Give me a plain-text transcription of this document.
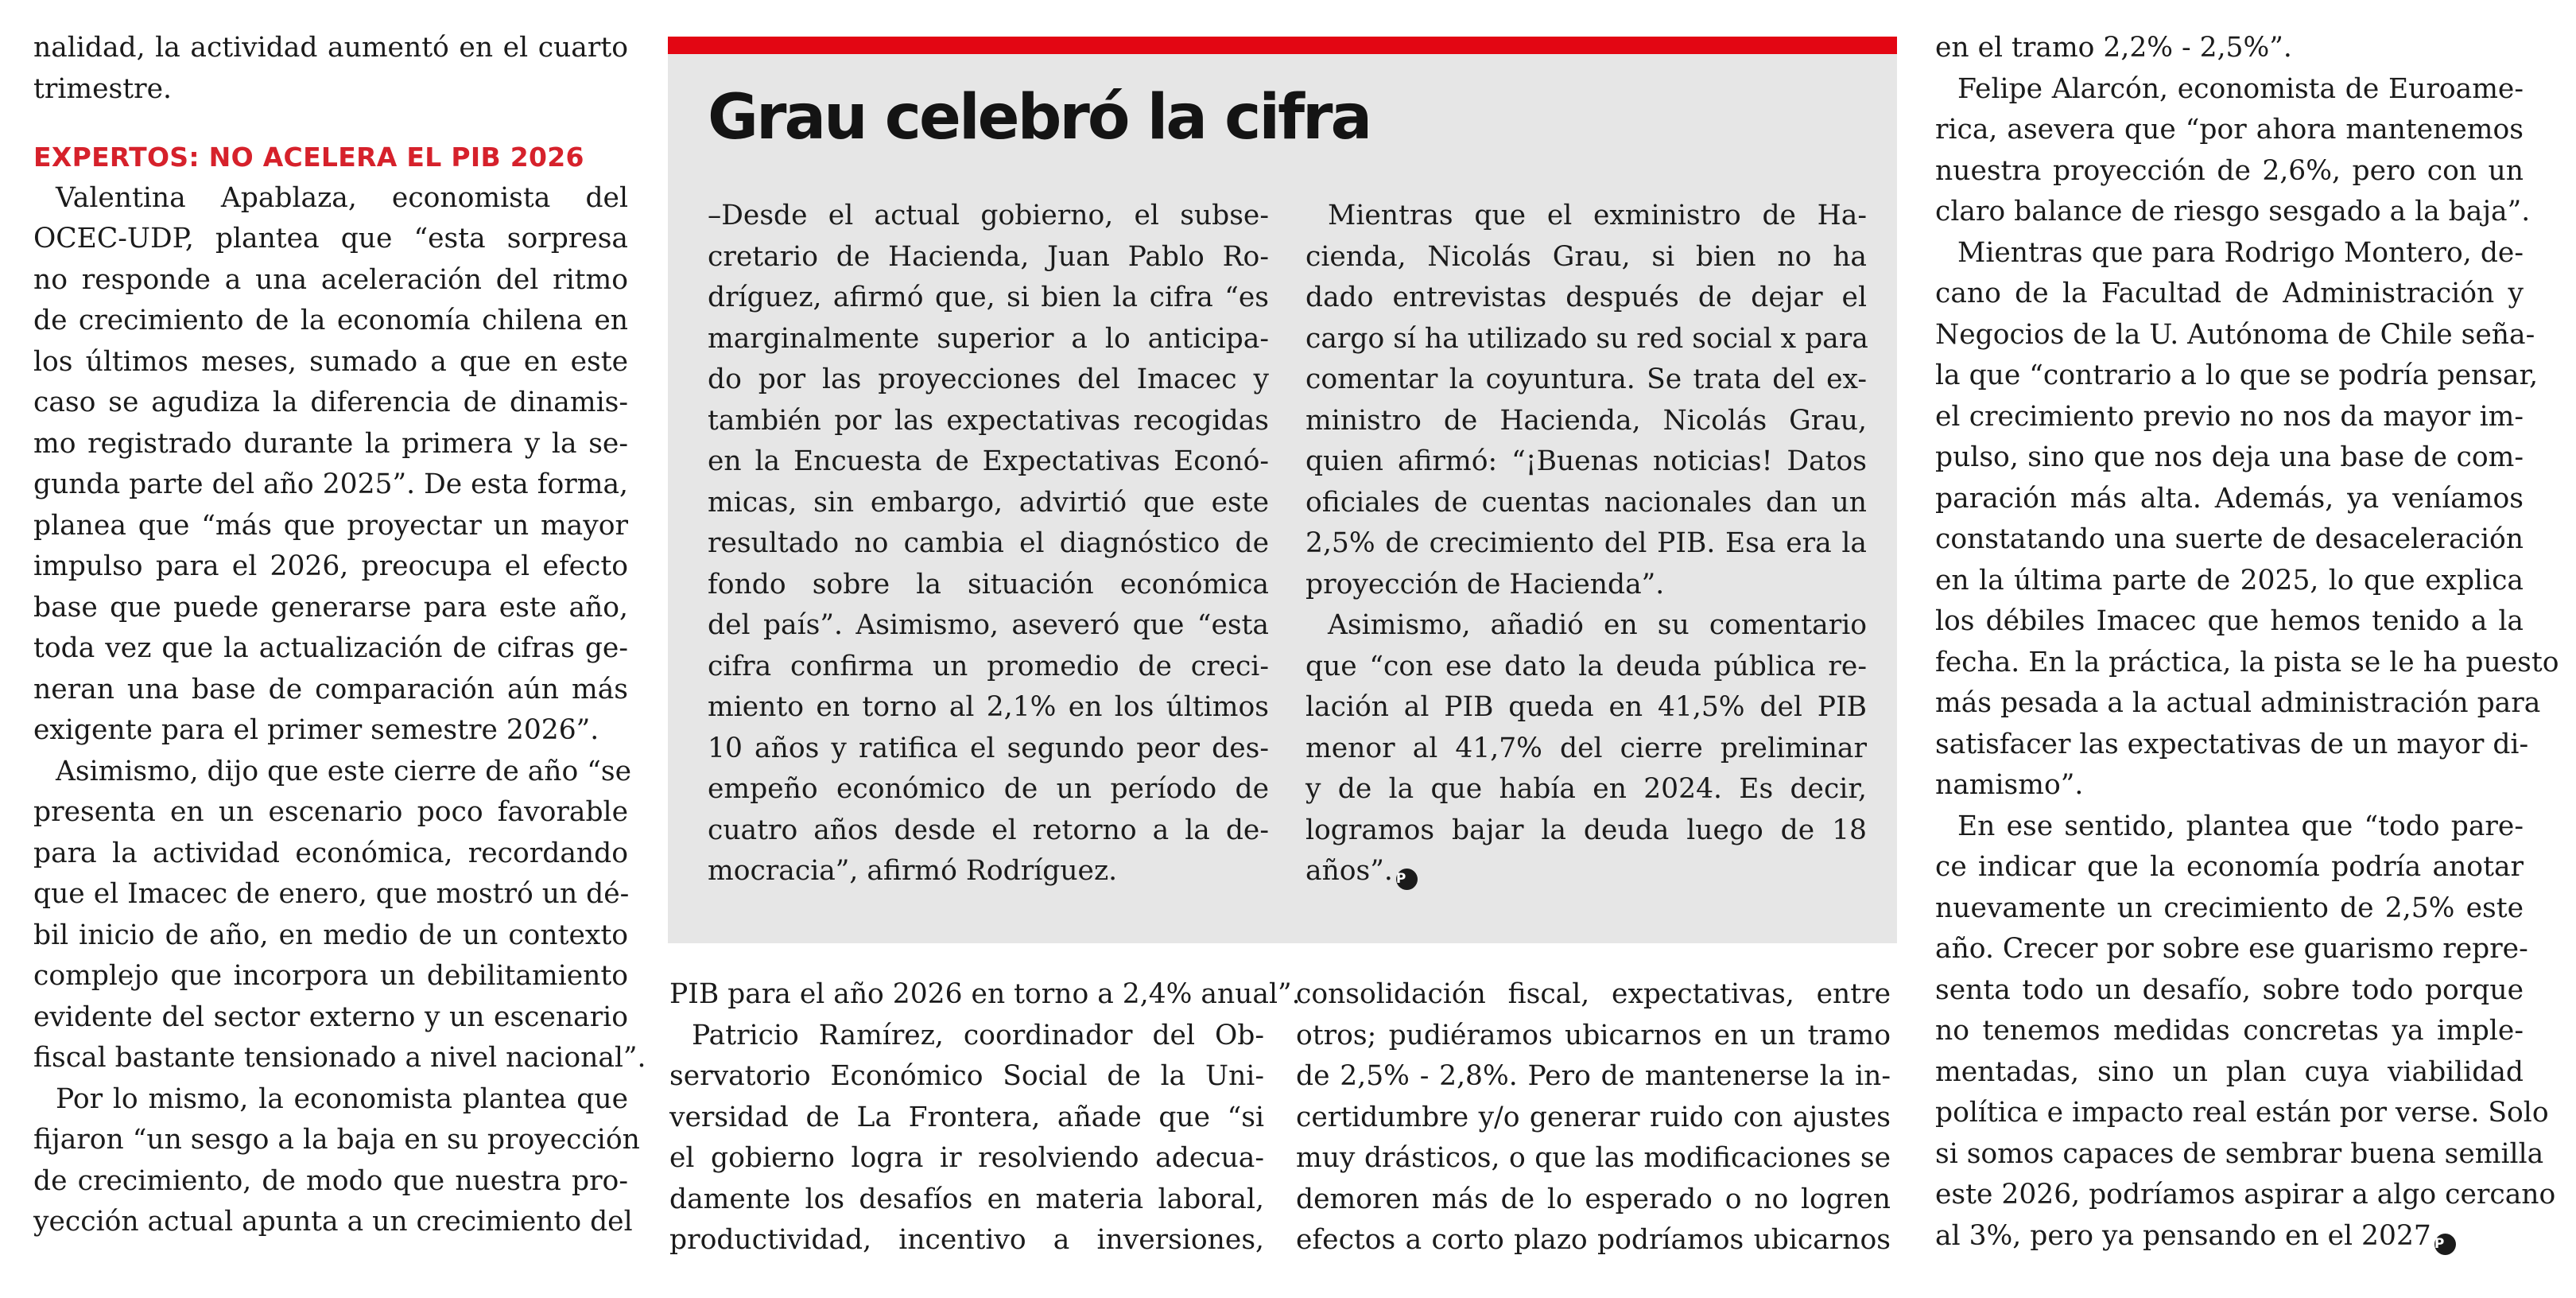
nalidad, la actividad aumentó en el cuarto
trimestre.
EXPERTOS: NO ACELERA EL PIB 2026
Valentina Apablaza, economista del
OCEC-UDP, plantea que “esta sorpresa
no responde a una aceleración del ritmo
de crecimiento de la economía chilena en
los últimos meses, sumado a que en este
caso se agudiza la diferencia de dinamis-
mo registrado durante la primera y la se-
gunda parte del año 2025”. De esta forma,
planea que “más que proyectar un mayor
impulso para el 2026, preocupa el efecto
base que puede generarse para este año,
toda vez que la actualización de cifras ge-
neran una base de comparación aún más
exigente para el primer semestre 2026”.
Asimismo, dijo que este cierre de año “se
presenta en un escenario poco favorable
para la actividad económica, recordando
que el Imacec de enero, que mostró un dé-
bil inicio de año, en medio de un contexto
complejo que incorpora un debilitamiento
evidente del sector externo y un escenario
fiscal bastante tensionado a nivel nacional”.
Por lo mismo, la economista plantea que
fijaron “un sesgo a la baja en su proyección
de crecimiento, de modo que nuestra pro-
yección actual apunta a un crecimiento del
Grau celebró la cifra
–Desde el actual gobierno, el subse-
cretario de Hacienda, Juan Pablo Ro-
dríguez, afirmó que, si bien la cifra “es
marginalmente superior a lo anticipa-
do por las proyecciones del Imacec y
también por las expectativas recogidas
en la Encuesta de Expectativas Econó-
micas, sin embargo, advirtió que este
resultado no cambia el diagnóstico de
fondo sobre la situación económica
del país”. Asimismo, aseveró que “esta
cifra confirma un promedio de creci-
miento en torno al 2,1% en los últimos
10 años y ratifica el segundo peor des-
empeño económico de un período de
cuatro años desde el retorno a la de-
mocracia”, afirmó Rodríguez.
Mientras que el exministro de Ha-
cienda, Nicolás Grau, si bien no ha
dado entrevistas después de dejar el
cargo sí ha utilizado su red social x para
comentar la coyuntura. Se trata del ex-
ministro de Hacienda, Nicolás Grau,
quien afirmó: “¡Buenas noticias! Datos
oficiales de cuentas nacionales dan un
2,5% de crecimiento del PIB. Esa era la
proyección de Hacienda”.
Asimismo, añadió en su comentario
que “con ese dato la deuda pública re-
lación al PIB queda en 41,5% del PIB
menor al 41,7% del cierre preliminar
y de la que había en 2024. Es decir,
logramos bajar la deuda luego de 18
años”. P
PIB para el año 2026 en torno a 2,4% anual”.
Patricio Ramírez, coordinador del Ob-
servatorio Económico Social de la Uni-
versidad de La Frontera, añade que “si
el gobierno logra ir resolviendo adecua-
damente los desafíos en materia laboral,
productividad, incentivo a inversiones,
consolidación fiscal, expectativas, entre
otros; pudiéramos ubicarnos en un tramo
de 2,5% - 2,8%. Pero de mantenerse la in-
certidumbre y/o generar ruido con ajustes
muy drásticos, o que las modificaciones se
demoren más de lo esperado o no logren
efectos a corto plazo podríamos ubicarnos
en el tramo 2,2% - 2,5%”.
Felipe Alarcón, economista de Euroame-
rica, asevera que “por ahora mantenemos
nuestra proyección de 2,6%, pero con un
claro balance de riesgo sesgado a la baja”.
Mientras que para Rodrigo Montero, de-
cano de la Facultad de Administración y
Negocios de la U. Autónoma de Chile seña-
la que “contrario a lo que se podría pensar,
el crecimiento previo no nos da mayor im-
pulso, sino que nos deja una base de com-
paración más alta. Además, ya veníamos
constatando una suerte de desaceleración
en la última parte de 2025, lo que explica
los débiles Imacec que hemos tenido a la
fecha. En la práctica, la pista se le ha puesto
más pesada a la actual administración para
satisfacer las expectativas de un mayor di-
namismo”.
En ese sentido, plantea que “todo pare-
ce indicar que la economía podría anotar
nuevamente un crecimiento de 2,5% este
año. Crecer por sobre ese guarismo repre-
senta todo un desafío, sobre todo porque
no tenemos medidas concretas ya imple-
mentadas, sino un plan cuya viabilidad
política e impacto real están por verse. Solo
si somos capaces de sembrar buena semilla
este 2026, podríamos aspirar a algo cercano
al 3%, pero ya pensando en el 2027 P
